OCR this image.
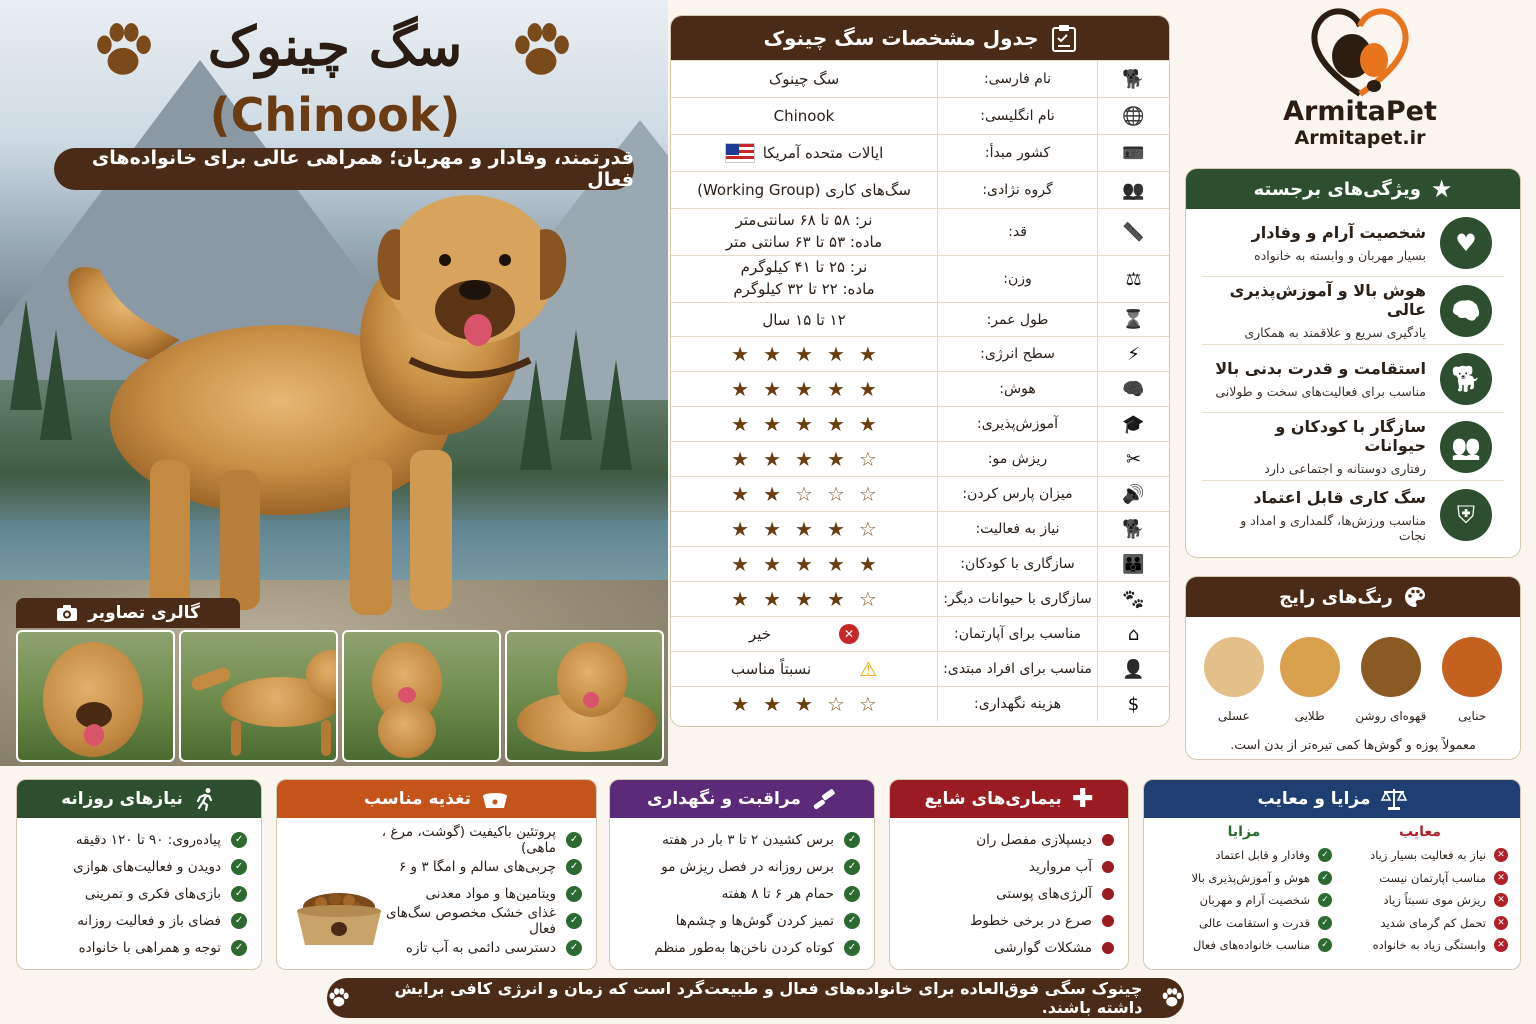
سگ چینوک
(Chinook)
قدرتمند، وفادار و مهربان؛ همراهی عالی برای خانواده‌های فعال
گالری تصاویر
جدول مشخصات سگ چینوک
🐕
نام فارسی:
سگ چینوک
🌐
نام انگلیسی:
Chinook
🪪
کشور مبدأ:
ایالات متحده آمریکا
👥
گروه نژادی:
سگ‌های کاری (Working Group)
📏
قد:
نر: ۵۸ تا ۶۸ سانتی‌متر
ماده: ۵۳ تا ۶۳ سانتی متر
⚖
وزن:
نر: ۲۵ تا ۴۱ کیلوگرم
ماده: ۲۲ تا ۳۲ کیلوگرم
⌛
طول عمر:
۱۲ تا ۱۵ سال
⚡
سطح انرژی:
★ ★ ★ ★ ★
🧠
هوش:
★ ★ ★ ★ ★
🎓
آموزش‌پذیری:
★ ★ ★ ★ ★
✂
ریزش مو:
★ ★ ★ ★ ☆
🔊
میزان پارس کردن:
★ ★ ☆ ☆ ☆
🐕
نیاز به فعالیت:
★ ★ ★ ★ ☆
👪
سازگاری با کودکان:
★ ★ ★ ★ ★
🐾
سازگاری با حیوانات دیگر:
★ ★ ★ ★ ☆
⌂
مناسب برای آپارتمان:
✕
خیر
👤
مناسب برای افراد مبتدی:
⚠
نسبتاً مناسب
$
هزینه نگهداری:
★ ★ ★ ☆ ☆
ArmitaPet
Armitapet.ir
★
ویژگی‌های برجسته
♥
شخصیت آرام و وفادار
بسیار مهربان و وابسته به خانواده
🧠
هوش بالا و آموزش‌پذیری عالی
یادگیری سریع و علاقمند به همکاری
🐕
استقامت و قدرت بدنی بالا
مناسب برای فعالیت‌های سخت و طولانی
👥
سازگار با کودکان و حیوانات
رفتاری دوستانه و اجتماعی دارد
⛨
سگ کاری قابل اعتماد
مناسب ورزش‌ها، گلمداری و امداد و نجات
رنگ‌های رایج
حنایی
قهوه‌ای روشن
طلایی
عسلی
معمولاً پوزه و گوش‌ها کمی تیره‌تر از بدن است.
نیازهای روزانه
✓
پیاده‌روی: ۹۰ تا ۱۲۰ دقیقه
✓
دویدن و فعالیت‌های هوازی
✓
بازی‌های فکری و تمرینی
✓
فضای باز و فعالیت روزانه
✓
توجه و همراهی با خانواده
تغذیه مناسب
✓
پروتئین باکیفیت (گوشت، مرغ ، ماهی)
✓
چربی‌های سالم و امگا ۳ و ۶
✓
ویتامین‌ها و مواد معدنی
✓
غذای خشک مخصوص سگ‌های فعال
✓
دسترسی دائمی به آب تازه
مراقبت و نگهداری
✓
برس کشیدن ۲ تا ۳ بار در هفته
✓
برس روزانه در فصل ریزش مو
✓
حمام هر ۶ تا ۸ هفته
✓
تمیز کردن گوش‌ها و چشم‌ها
✓
کوتاه کردن ناخن‌ها به‌طور منظم
✚
بیماری‌های شایع
دیسپلازی مفصل ران
آب مروارید
آلرژی‌های پوستی
صرع در برخی خطوط
مشکلات گوارشی
مزایا و معایب
معایب
✕
نیاز به فعالیت بسیار زیاد
✕
مناسب آپارتمان نیست
✕
ریزش موی نسبتاً زیاد
✕
تحمل کم گرمای شدید
✕
وابستگی زیاد به خانواده
مزایا
✓
وفادار و قابل اعتماد
✓
هوش و آموزش‌پذیری بالا
✓
شخصیت آرام و مهربان
✓
قدرت و استقامت عالی
✓
مناسب خانواده‌های فعال
چینوک سگی فوق‌العاده برای خانواده‌های فعال و طبیعت‌گرد است که زمان و انرژی کافی برایش داشته باشند.
